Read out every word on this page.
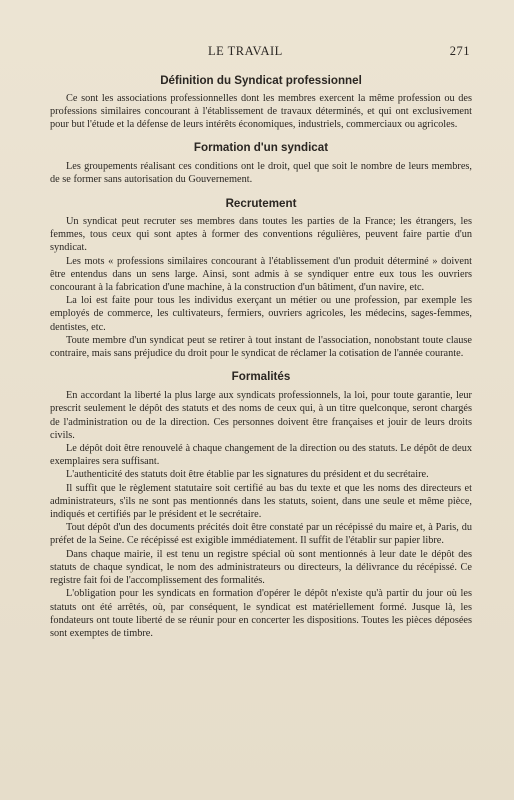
LE TRAVAIL	271
Définition du Syndicat professionnel

Ce sont les associations professionnelles dont les membres exercent la même profession ou des professions similaires concourant à l'établissement de travaux déterminés, et qui ont exclusivement pour but l'étude et la défense de leurs intérêts économiques, industriels, commerciaux ou agricoles.

Formation d'un syndicat

Les groupements réalisant ces conditions ont le droit, quel que soit le nombre de leurs membres, de se former sans autorisation du Gouvernement.

Recrutement

Un syndicat peut recruter ses membres dans toutes les parties de la France; les étrangers, les femmes, tous ceux qui sont aptes à former des conventions régulières, peuvent faire partie d'un syndicat.

Les mots « professions similaires concourant à l'établissement d'un produit déterminé » doivent être entendus dans un sens large. Ainsi, sont admis à se syndiquer entre eux tous les ouvriers concourant à la fabrication d'une machine, à la construction d'un bâtiment, d'un navire, etc.

La loi est faite pour tous les individus exerçant un métier ou une profession, par exemple les employés de commerce, les cultivateurs, fermiers, ouvriers agricoles, les médecins, sages-femmes, dentistes, etc.

Toute membre d'un syndicat peut se retirer à tout instant de l'association, nonobstant toute clause contraire, mais sans préjudice du droit pour le syndicat de réclamer la cotisation de l'année courante.

Formalités

En accordant la liberté la plus large aux syndicats professionnels, la loi, pour toute garantie, leur prescrit seulement le dépôt des statuts et des noms de ceux qui, à un titre quelconque, seront chargés de l'administration ou de la direction. Ces personnes doivent être françaises et jouir de leurs droits civils.

Le dépôt doit être renouvelé à chaque changement de la direction ou des statuts. Le dépôt de deux exemplaires sera suffisant.

L'authenticité des statuts doit être établie par les signatures du président et du secrétaire.

Il suffit que le règlement statutaire soit certifié au bas du texte et que les noms des directeurs et administrateurs, s'ils ne sont pas mentionnés dans les statuts, soient, dans une seule et même pièce, indiqués et certifiés par le président et le secrétaire.

Tout dépôt d'un des documents précités doit être constaté par un récépissé du maire et, à Paris, du préfet de la Seine. Ce récépissé est exigible immédiatement. Il suffit de l'établir sur papier libre.

Dans chaque mairie, il est tenu un registre spécial où sont mentionnés à leur date le dépôt des statuts de chaque syndicat, le nom des administrateurs ou directeurs, la délivrance du récépissé. Ce registre fait foi de l'accomplissement des formalités.

L'obligation pour les syndicats en formation d'opérer le dépôt n'existe qu'à partir du jour où les statuts ont été arrêtés, où, par conséquent, le syndicat est matériellement formé. Jusque là, les fondateurs ont toute liberté de se réunir pour en concerter les dispositions. Toutes les pièces déposées sont exemptes de timbre.
